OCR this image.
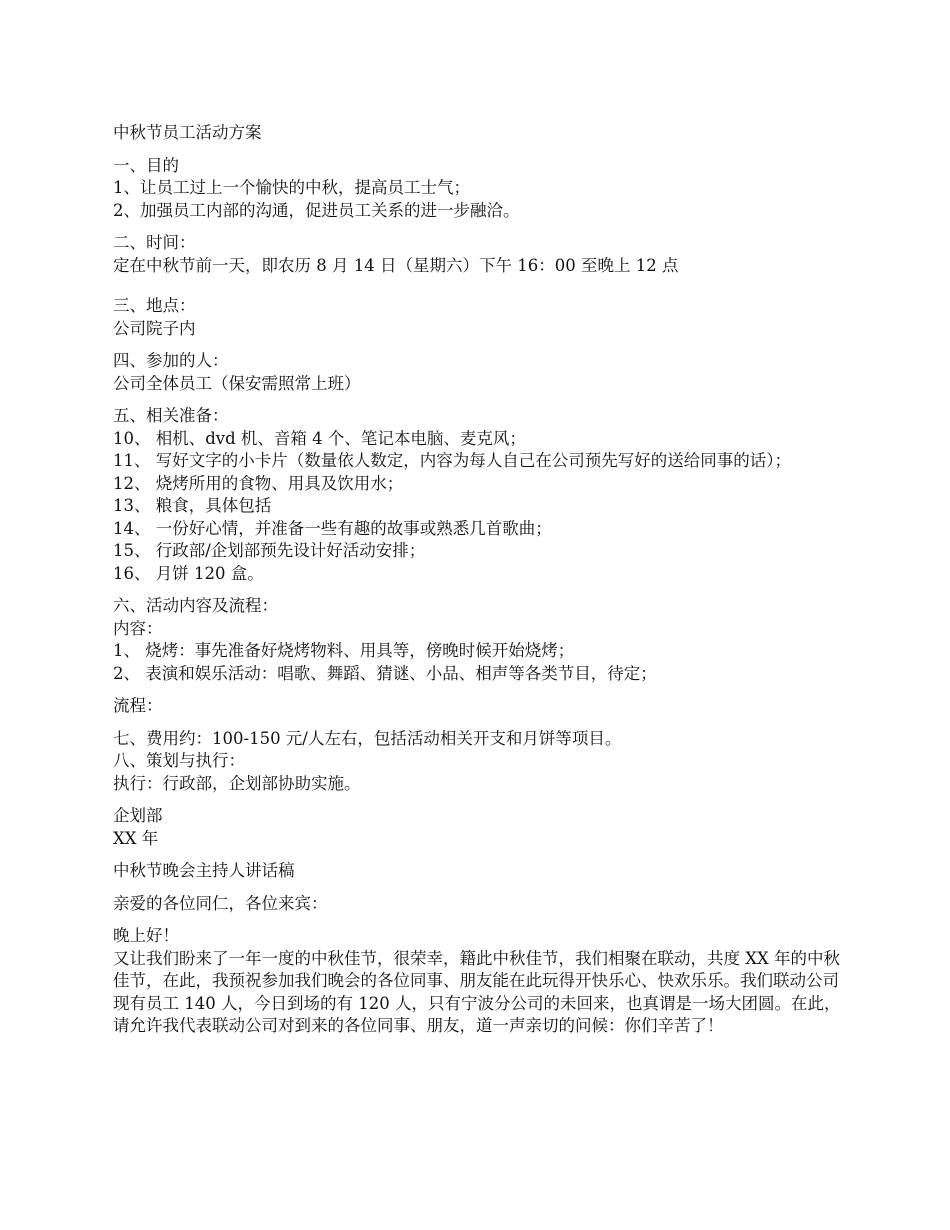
中秋节员工活动方案
一、目的
1、让员工过上一个愉快的中秋，提高员工士气；
2、加强员工内部的沟通，促进员工关系的进一步融洽。
二、时间：
定在中秋节前一天，即农历 8 月 14 日（星期六）下午 16：00 至晚上 12 点
三、地点：
公司院子内
四、参加的人：
公司全体员工（保安需照常上班）
五、相关准备：
10、 相机、dvd 机、音箱 4 个、笔记本电脑、麦克风；
11、 写好文字的小卡片（数量依人数定，内容为每人自己在公司预先写好的送给同事的话）；
12、 烧烤所用的食物、用具及饮用水；
13、 粮食，具体包括
14、 一份好心情，并准备一些有趣的故事或熟悉几首歌曲；
15、 行政部/企划部预先设计好活动安排；
16、 月饼 120 盒。
六、活动内容及流程：
内容：
1、 烧烤：事先准备好烧烤物料、用具等，傍晚时候开始烧烤；
2、 表演和娱乐活动：唱歌、舞蹈、猜谜、小品、相声等各类节目，待定；
流程：
七、费用约：100-150 元/人左右，包括活动相关开支和月饼等项目。
八、策划与执行：
执行：行政部，企划部协助实施。
企划部
XX 年
中秋节晚会主持人讲话稿
亲爱的各位同仁，各位来宾：
晚上好！
又让我们盼来了一年一度的中秋佳节，很荣幸，籍此中秋佳节，我们相聚在联动，共度 XX 年的中秋佳节，在此，我预祝参加我们晚会的各位同事、朋友能在此玩得开快乐心、快欢乐乐。我们联动公司现有员工 140 人，今日到场的有 120 人，只有宁波分公司的未回来，也真谓是一场大团圆。在此，请允许我代表联动公司对到来的各位同事、朋友，道一声亲切的问候：你们辛苦了！
